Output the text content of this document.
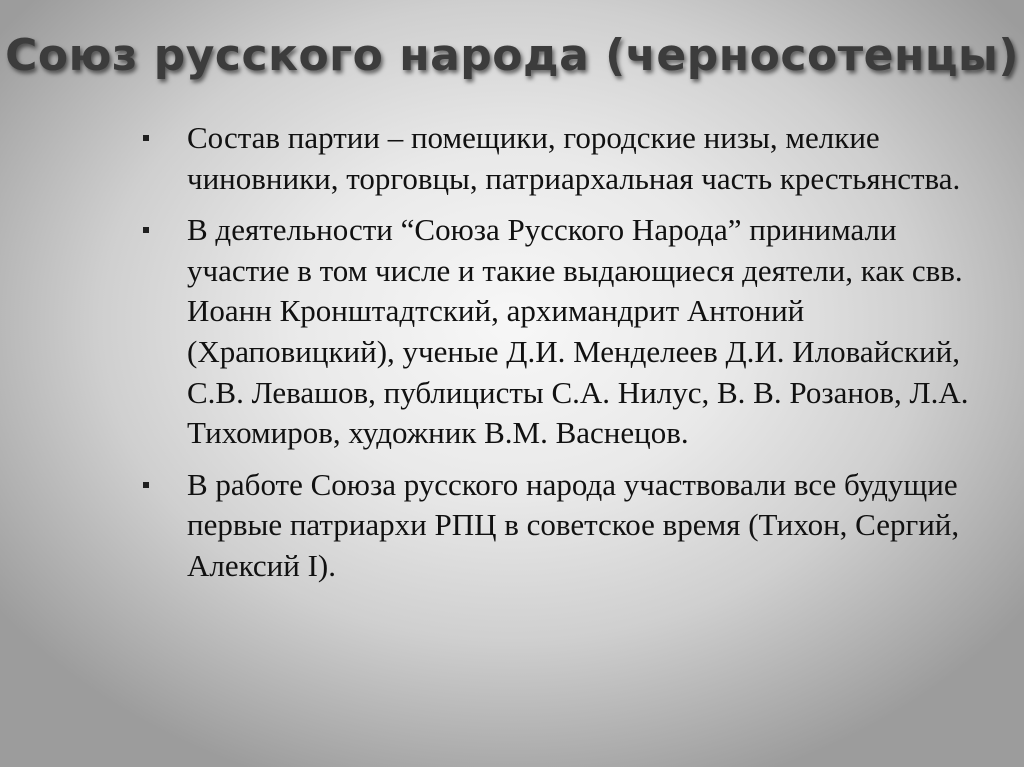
Союз русского народа (черносотенцы)
Состав партии – помещики, городские низы, мелкие чиновники, торговцы, патриархальная часть крестьянства.
В деятельности “Союза Русского Народа” принимали участие в том числе и такие выдающиеся деятели, как свв. Иоанн Кронштадтский, архимандрит Антоний (Храповицкий), ученые Д.И. Менделеев Д.И. Иловайский, С.В. Левашов, публицисты С.А. Нилус, В. В. Розанов, Л.А. Тихомиров, художник В.М. Васнецов.
В работе Союза русского народа участвовали все будущие первые патриархи РПЦ в советское время (Тихон, Сергий, Алексий I).
